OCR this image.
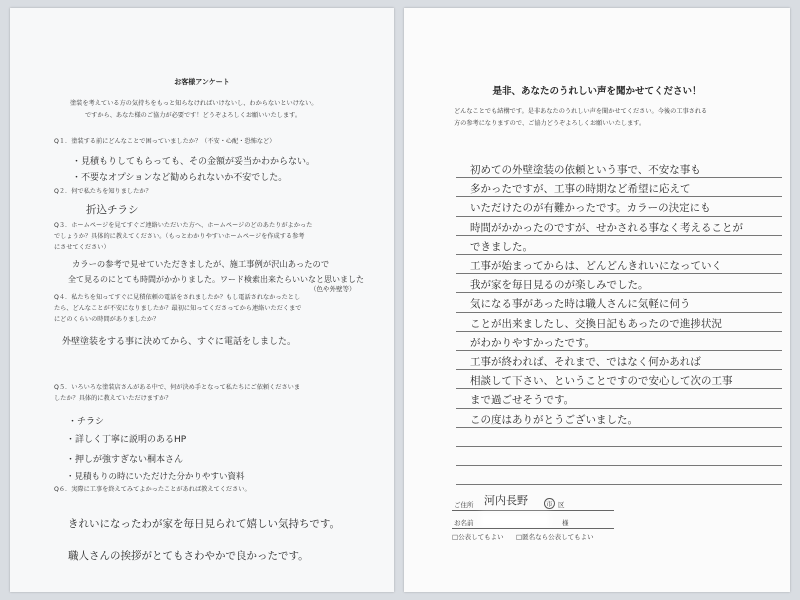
お客様アンケート
塗装を考えている方の気持ちをもっと知らなければいけないし、わからないといけない。
ですから、あなた様のご協力が必要です！どうぞよろしくお願いいたします。
Q１．塗装する前にどんなことで困っていましたか？（不安・心配・恐怖など）
・見積もりしてもらっても、その金額が妥当かわからない。
・不要なオプションなど勧められないか不安でした。
Q２．何で私たちを知りましたか？
折込チラシ
Q３．ホームページを見てすぐご連絡いただいた方へ、ホームページのどのあたりがよかった
でしょうか？具体的に教えてください。（もっとわかりやすいホームページを作成する参考
にさせてください）
カラーの参考で見せていただきましたが、施工事例が沢山あったので
全て見るのにとても時間がかかりました。ワード検索出来たらいいなと思いました
（色や外壁等）
Q４．私たちを知ってすぐに見積依頼の電話をされましたか？もし電話されなかったとし
たら、どんなことが不安になりましたか？最初に知ってくださってから連絡いただくまで
にどのくらいの時間がありましたか？
外壁塗装をする事に決めてから、すぐに電話をしました。
Q５．いろいろな塗装店さんがある中で、何が決め手となって私たちにご依頼くださいま
したか？具体的に教えていただけますか？
・チラシ
・詳しく丁寧に説明のあるHP
・押しが強すぎない桐本さん
・見積もりの時にいただけた分かりやすい資料
Q６．実際に工事を終えてみてよかったことがあれば教えてください。
きれいになったわが家を毎日見られて嬉しい気持ちです。
職人さんの挨拶がとてもさわやかで良かったです。
是非、あなたのうれしい声を聞かせてください！
どんなことでも結構です。是非あなたのうれしい声を聞かせてください。今後の工事される
方の参考になりますので、ご協力どうぞよろしくお願いいたします。
初めての外壁塗装の依頼という事で、不安な事も
多かったですが、工事の時期など希望に応えて
いただけたのが有難かったです。カラーの決定にも
時間がかかったのですが、せかされる事なく考えることが
できました。
工事が始まってからは、どんどんきれいになっていく
我が家を毎日見るのが楽しみでした。
気になる事があった時は職人さんに気軽に伺う
ことが出来ましたし、交換日記もあったので進捗状況
がわかりやすかったです。
工事が終われば、それまで、ではなく何かあれば
相談して下さい、ということですので安心して次の工事
まで過ごせそうです。
この度はありがとうございました。
ご住所 河内長野	市 区
お名前	様
□公表してもよい □匿名なら公表してもよい
